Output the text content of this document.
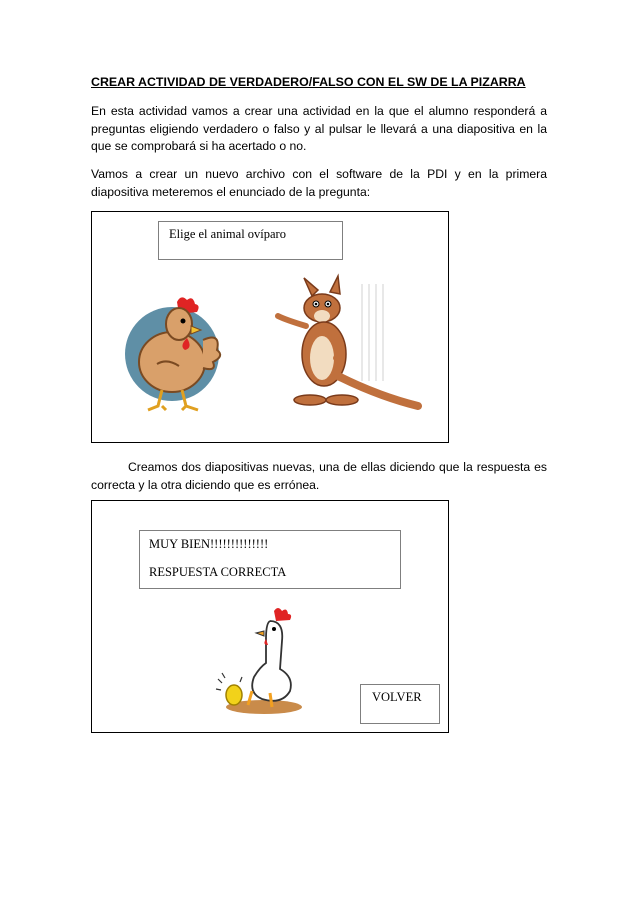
CREAR ACTIVIDAD DE VERDADERO/FALSO CON EL SW DE LA PIZARRA
En esta actividad vamos a crear una actividad en la que el alumno responderá a preguntas eligiendo verdadero o falso y al pulsar le llevará a una diapositiva en la que se comprobará si ha acertado o no.
Vamos a crear un nuevo archivo con el software de la PDI y en la primera diapositiva meteremos el enunciado de la pregunta:
Elige el animal ovíparo
Creamos dos diapositivas nuevas, una de ellas diciendo que la respuesta es correcta y la otra diciendo que es errónea.
MUY BIEN!!!!!!!!!!!!!!
RESPUESTA CORRECTA
VOLVER
